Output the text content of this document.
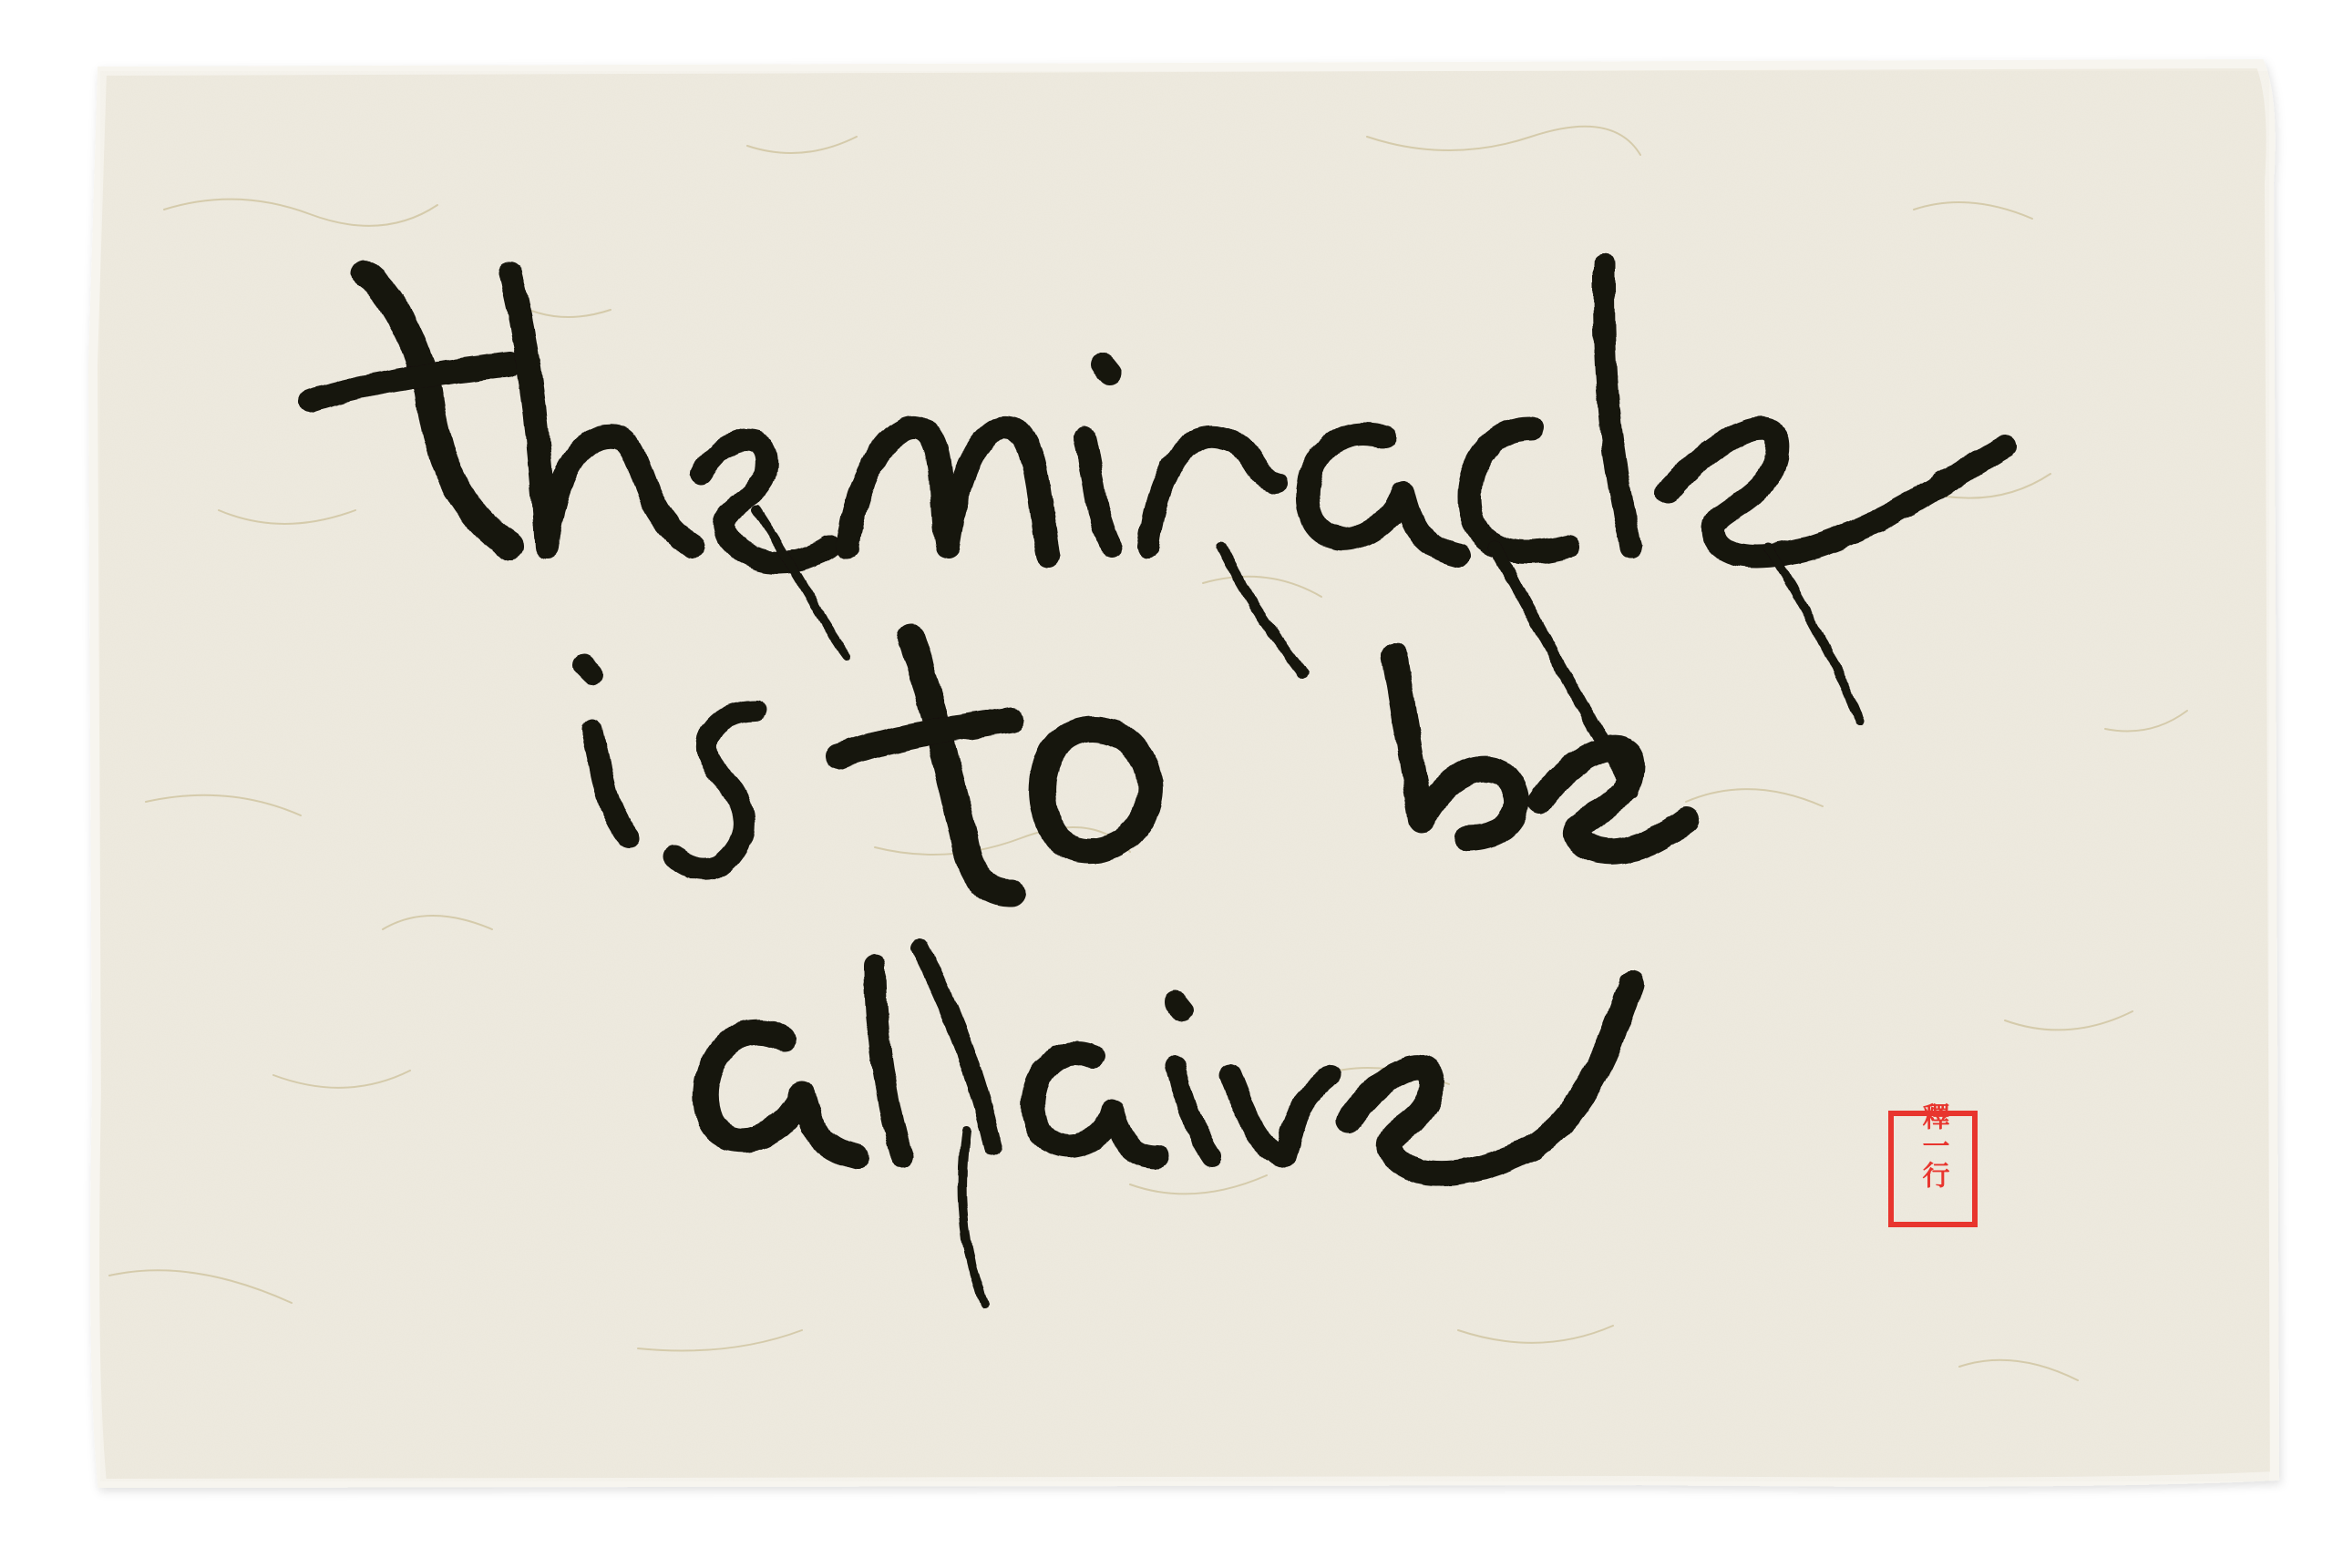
釋一行
